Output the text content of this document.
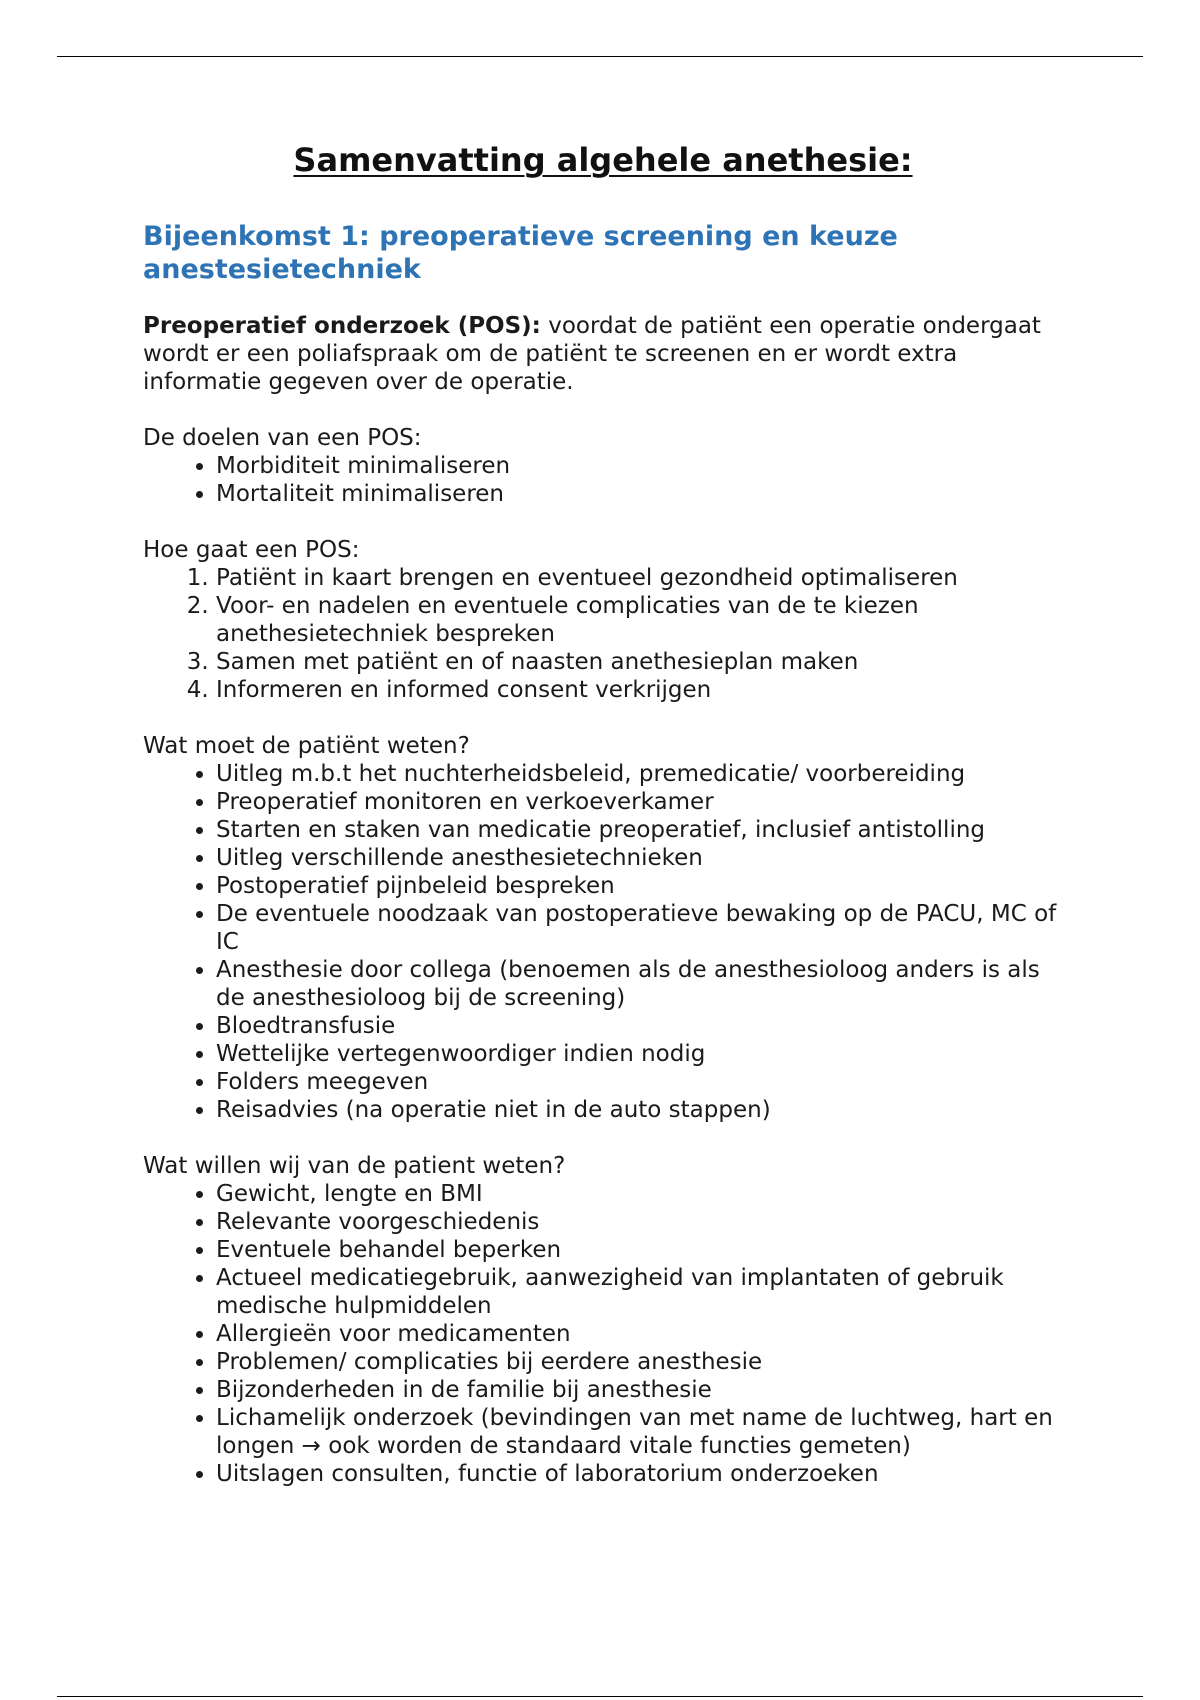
Samenvatting algehele anethesie:
Bijeenkomst 1: preoperatieve screening en keuze anestesietechniek

Preoperatief onderzoek (POS): voordat de patiënt een operatie ondergaat wordt er een poliafspraak om de patiënt te screenen en er wordt extra informatie gegeven over de operatie.

De doelen van een POS:

• Morbiditeit minimaliseren
• Mortaliteit minimaliseren

Hoe gaat een POS:

1. Patiënt in kaart brengen en eventueel gezondheid optimaliseren
2. Voor- en nadelen en eventuele complicaties van de te kiezen anethesietechniek bespreken
3. Samen met patiënt en of naasten anethesieplan maken
4. Informeren en informed consent verkrijgen

Wat moet de patiënt weten?

• Uitleg m.b.t het nuchterheidsbeleid, premedicatie/ voorbereiding
• Preoperatief monitoren en verkoeverkamer
• Starten en staken van medicatie preoperatief, inclusief antistolling
• Uitleg verschillende anesthesietechnieken
• Postoperatief pijnbeleid bespreken
• De eventuele noodzaak van postoperatieve bewaking op de PACU, MC of IC
• Anesthesie door collega (benoemen als de anesthesioloog anders is als de anesthesioloog bij de screening)
• Bloedtransfusie
• Wettelijke vertegenwoordiger indien nodig
• Folders meegeven
• Reisadvies (na operatie niet in de auto stappen)

Wat willen wij van de patient weten?

• Gewicht, lengte en BMI
• Relevante voorgeschiedenis
• Eventuele behandel beperken
• Actueel medicatiegebruik, aanwezigheid van implantaten of gebruik medische hulpmiddelen
• Allergieën voor medicamenten
• Problemen/ complicaties bij eerdere anesthesie
• Bijzonderheden in de familie bij anesthesie
• Lichamelijk onderzoek (bevindingen van met name de luchtweg, hart en longen → ook worden de standaard vitale functies gemeten)
• Uitslagen consulten, functie of laboratorium onderzoeken
